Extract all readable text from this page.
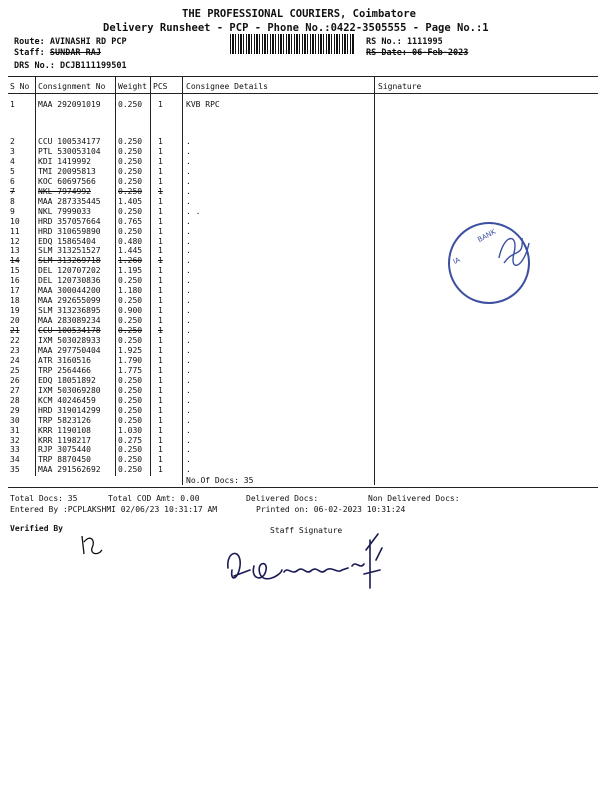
THE PROFESSIONAL COURIERS, Coimbatore
Delivery Runsheet - PCP - Phone No.:0422-3505555 - Page No.:1
Route: AVINASHI RD PCP
Staff: SUNDAR RAJ
DRS No.: DCJB111199501
RS No.: 1111995
RS Date: 06-Feb-2023
S No Consignment No Weight PCS Consignee Details	Signature
1	MAA 292091019 0.250 1	KVB RPC
2	CCU 100534177 0.250 1	.
3	PTL 530053104 0.250 1	.
4	KDI 1419992	0.250 1	.
5	TMI 20095813	0.250 1	.
6	KOC 60697566	0.250 1	.
7	NKL 7974992	0.250 1	.
8	MAA 287335445 1.405 1	.
9	NKL 7999033	0.250 1	. .
10 HRD 357057664 0.765 1	.
11 HRD 310659890 0.250 1	.
12 EDQ 15865404	0.480 1	.
13 SLM 313251527 1.445 1	.
14 SLM 313269718 1.260 1	.
15 DEL 120707202 1.195 1	.
16 DEL 120730836 0.250 1	.
17 MAA 300044200 1.180 1	.
18 MAA 292655099 0.250 1	.
19 SLM 313236895 0.900 1	.
20 MAA 283089234 0.250 1	.
21 CCU 100534178 0.250 1	.
22 IXM 503028933 0.250 1	.
23 MAA 297750404 1.925 1	.
24 ATR 3160516	1.790 1	.
25 TRP 2564466	1.775 1	.
26 EDQ 18051892	0.250 1	.
27 IXM 503069280 0.250 1	.
28 KCM 40246459	0.250 1	.
29 HRD 319014299 0.250 1	.
30 TRP 5823126	0.250 1	.
31 KRR 1190108	1.030 1	.
32 KRR 1198217	0.275 1	.
33 RJP 3075440	0.250 1	.
34 TRP 8870450	0.250 1	.
35 MAA 291562692 0.250 1	.
No.Of Docs: 35
IA
BANK
Total Docs: 35	Total COD Amt: 0.00	Delivered Docs:	Non Delivered Docs:
Entered By :PCPLAKSHMI 02/06/23 10:31:17 AM	Printed on: 06-02-2023 10:31:24
Verified By	Staff Signature
